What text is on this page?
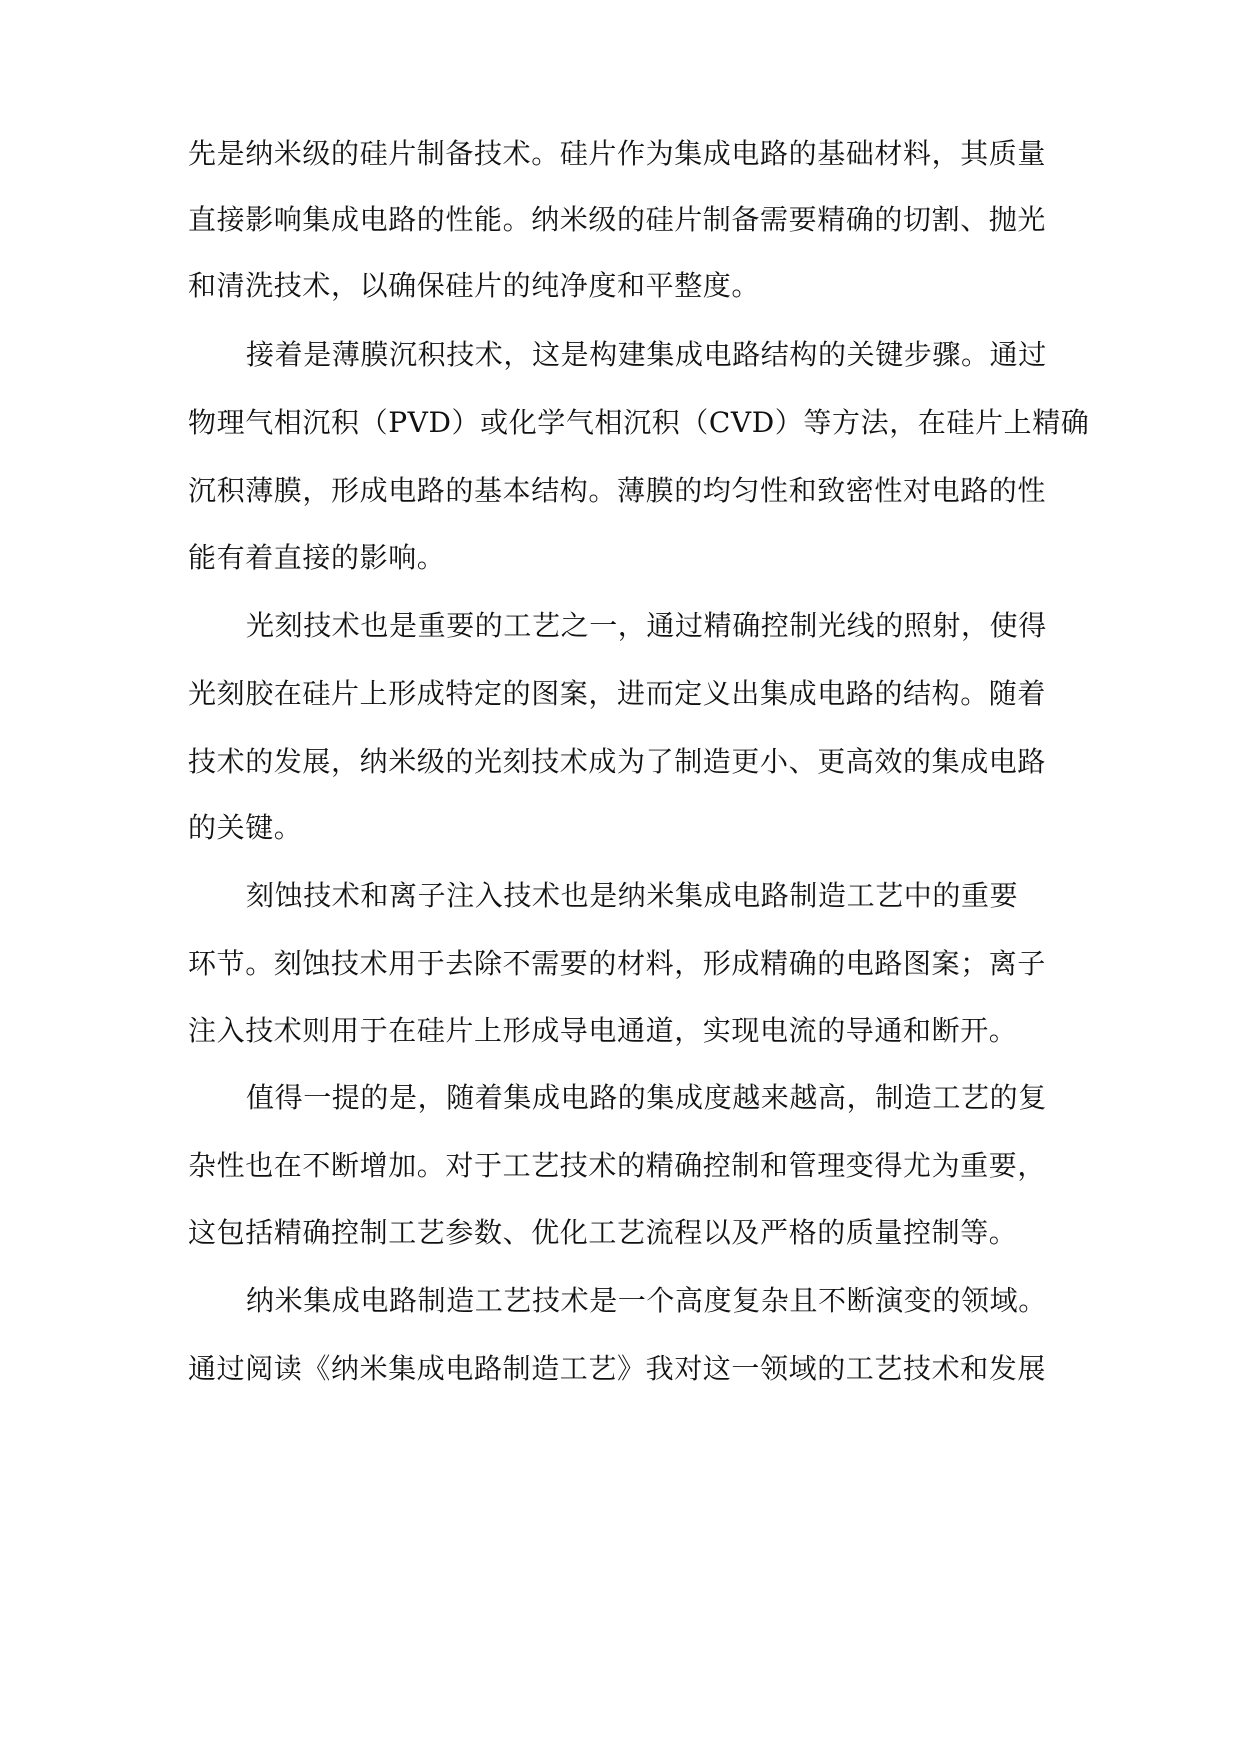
先是纳米级的硅片制备技术。硅片作为集成电路的基础材料，其质量
直接影响集成电路的性能。纳米级的硅片制备需要精确的切割、抛光
和清洗技术，以确保硅片的纯净度和平整度。
接着是薄膜沉积技术，这是构建集成电路结构的关键步骤。通过
物理气相沉积（PVD）或化学气相沉积（CVD）等方法，在硅片上精确
沉积薄膜，形成电路的基本结构。薄膜的均匀性和致密性对电路的性
能有着直接的影响。
光刻技术也是重要的工艺之一，通过精确控制光线的照射，使得
光刻胶在硅片上形成特定的图案，进而定义出集成电路的结构。随着
技术的发展，纳米级的光刻技术成为了制造更小、更高效的集成电路
的关键。
刻蚀技术和离子注入技术也是纳米集成电路制造工艺中的重要
环节。刻蚀技术用于去除不需要的材料，形成精确的电路图案；离子
注入技术则用于在硅片上形成导电通道，实现电流的导通和断开。
值得一提的是，随着集成电路的集成度越来越高，制造工艺的复
杂性也在不断增加。对于工艺技术的精确控制和管理变得尤为重要，
这包括精确控制工艺参数、优化工艺流程以及严格的质量控制等。
纳米集成电路制造工艺技术是一个高度复杂且不断演变的领域。
通过阅读《纳米集成电路制造工艺》我对这一领域的工艺技术和发展
